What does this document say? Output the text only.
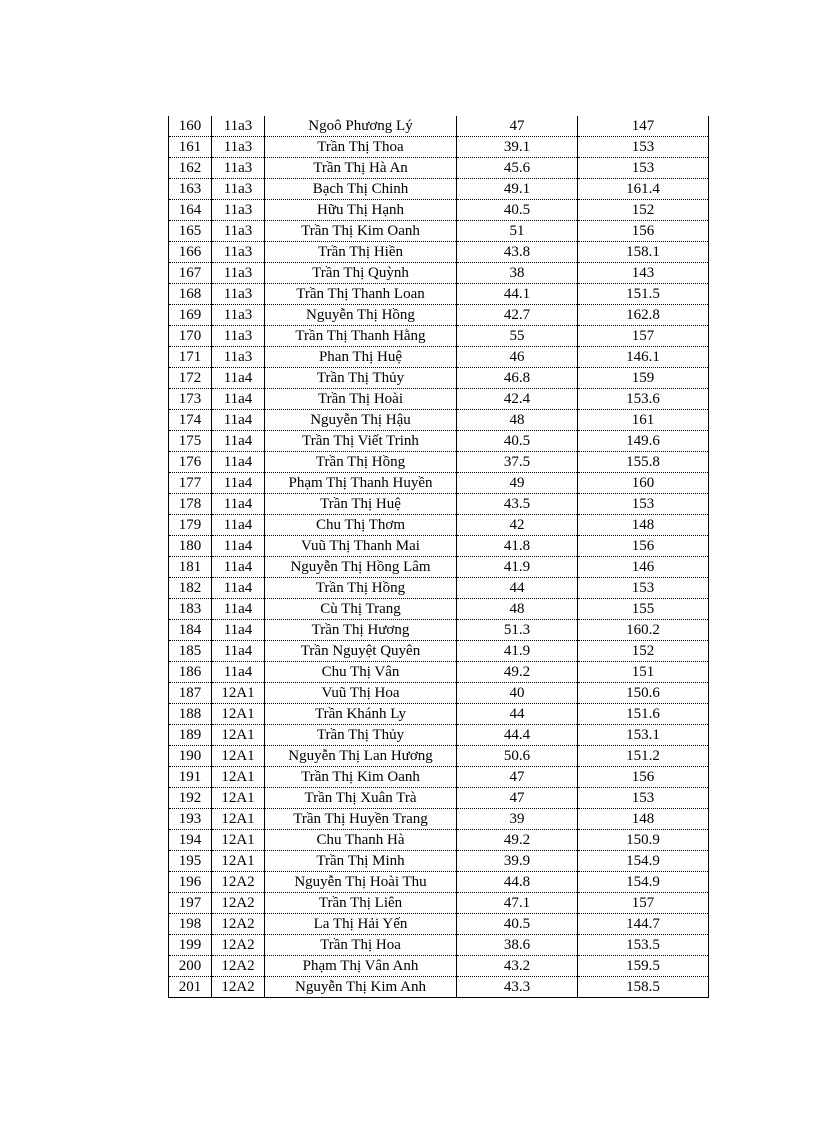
160	11a3	Ngoô Phương Lý	47	147
161	11a3	Trần Thị Thoa	39.1	153
162	11a3	Trần Thị Hà An	45.6	153
163	11a3	Bạch Thị Chinh	49.1	161.4
164	11a3	Hữu Thị Hạnh	40.5	152
165	11a3	Trần Thị Kim Oanh	51	156
166	11a3	Trần Thị Hiền	43.8	158.1
167	11a3	Trần Thị Quỳnh	38	143
168	11a3	Trần Thị Thanh Loan	44.1	151.5
169	11a3	Nguyễn Thị Hồng	42.7	162.8
170	11a3	Trần Thị Thanh Hằng	55	157
171	11a3	Phan Thị Huệ	46	146.1
172	11a4	Trần Thị Thủy	46.8	159
173	11a4	Trần Thị Hoài	42.4	153.6
174	11a4	Nguyễn Thị Hậu	48	161
175	11a4	Trần Thị Viết Trinh	40.5	149.6
176	11a4	Trần Thị Hồng	37.5	155.8
177	11a4	Phạm Thị Thanh Huyền	49	160
178	11a4	Trần Thị Huệ	43.5	153
179	11a4	Chu Thị Thơm	42	148
180	11a4	Vuũ Thị Thanh Mai	41.8	156
181	11a4	Nguyễn Thị Hồng Lâm	41.9	146
182	11a4	Trần Thị Hồng	44	153
183	11a4	Cù Thị Trang	48	155
184	11a4	Trần Thị Hương	51.3	160.2
185	11a4	Trần Nguyệt Quyên	41.9	152
186	11a4	Chu Thị Vân	49.2	151
187	12A1	Vuũ Thị Hoa	40	150.6
188	12A1	Trần Khánh Ly	44	151.6
189	12A1	Trần Thị Thủy	44.4	153.1
190	12A1	Nguyễn Thị Lan Hương	50.6	151.2
191	12A1	Trần Thị Kim Oanh	47	156
192	12A1	Trần Thị Xuân Trà	47	153
193	12A1	Trần Thị Huyền Trang	39	148
194	12A1	Chu Thanh Hà	49.2	150.9
195	12A1	Trần Thị Minh	39.9	154.9
196	12A2	Nguyễn Thị Hoài Thu	44.8	154.9
197	12A2	Trần Thị Liên	47.1	157
198	12A2	La Thị Hải Yến	40.5	144.7
199	12A2	Trần Thị Hoa	38.6	153.5
200	12A2	Phạm Thị Vân Anh	43.2	159.5
201	12A2	Nguyễn Thị Kim Anh	43.3	158.5
